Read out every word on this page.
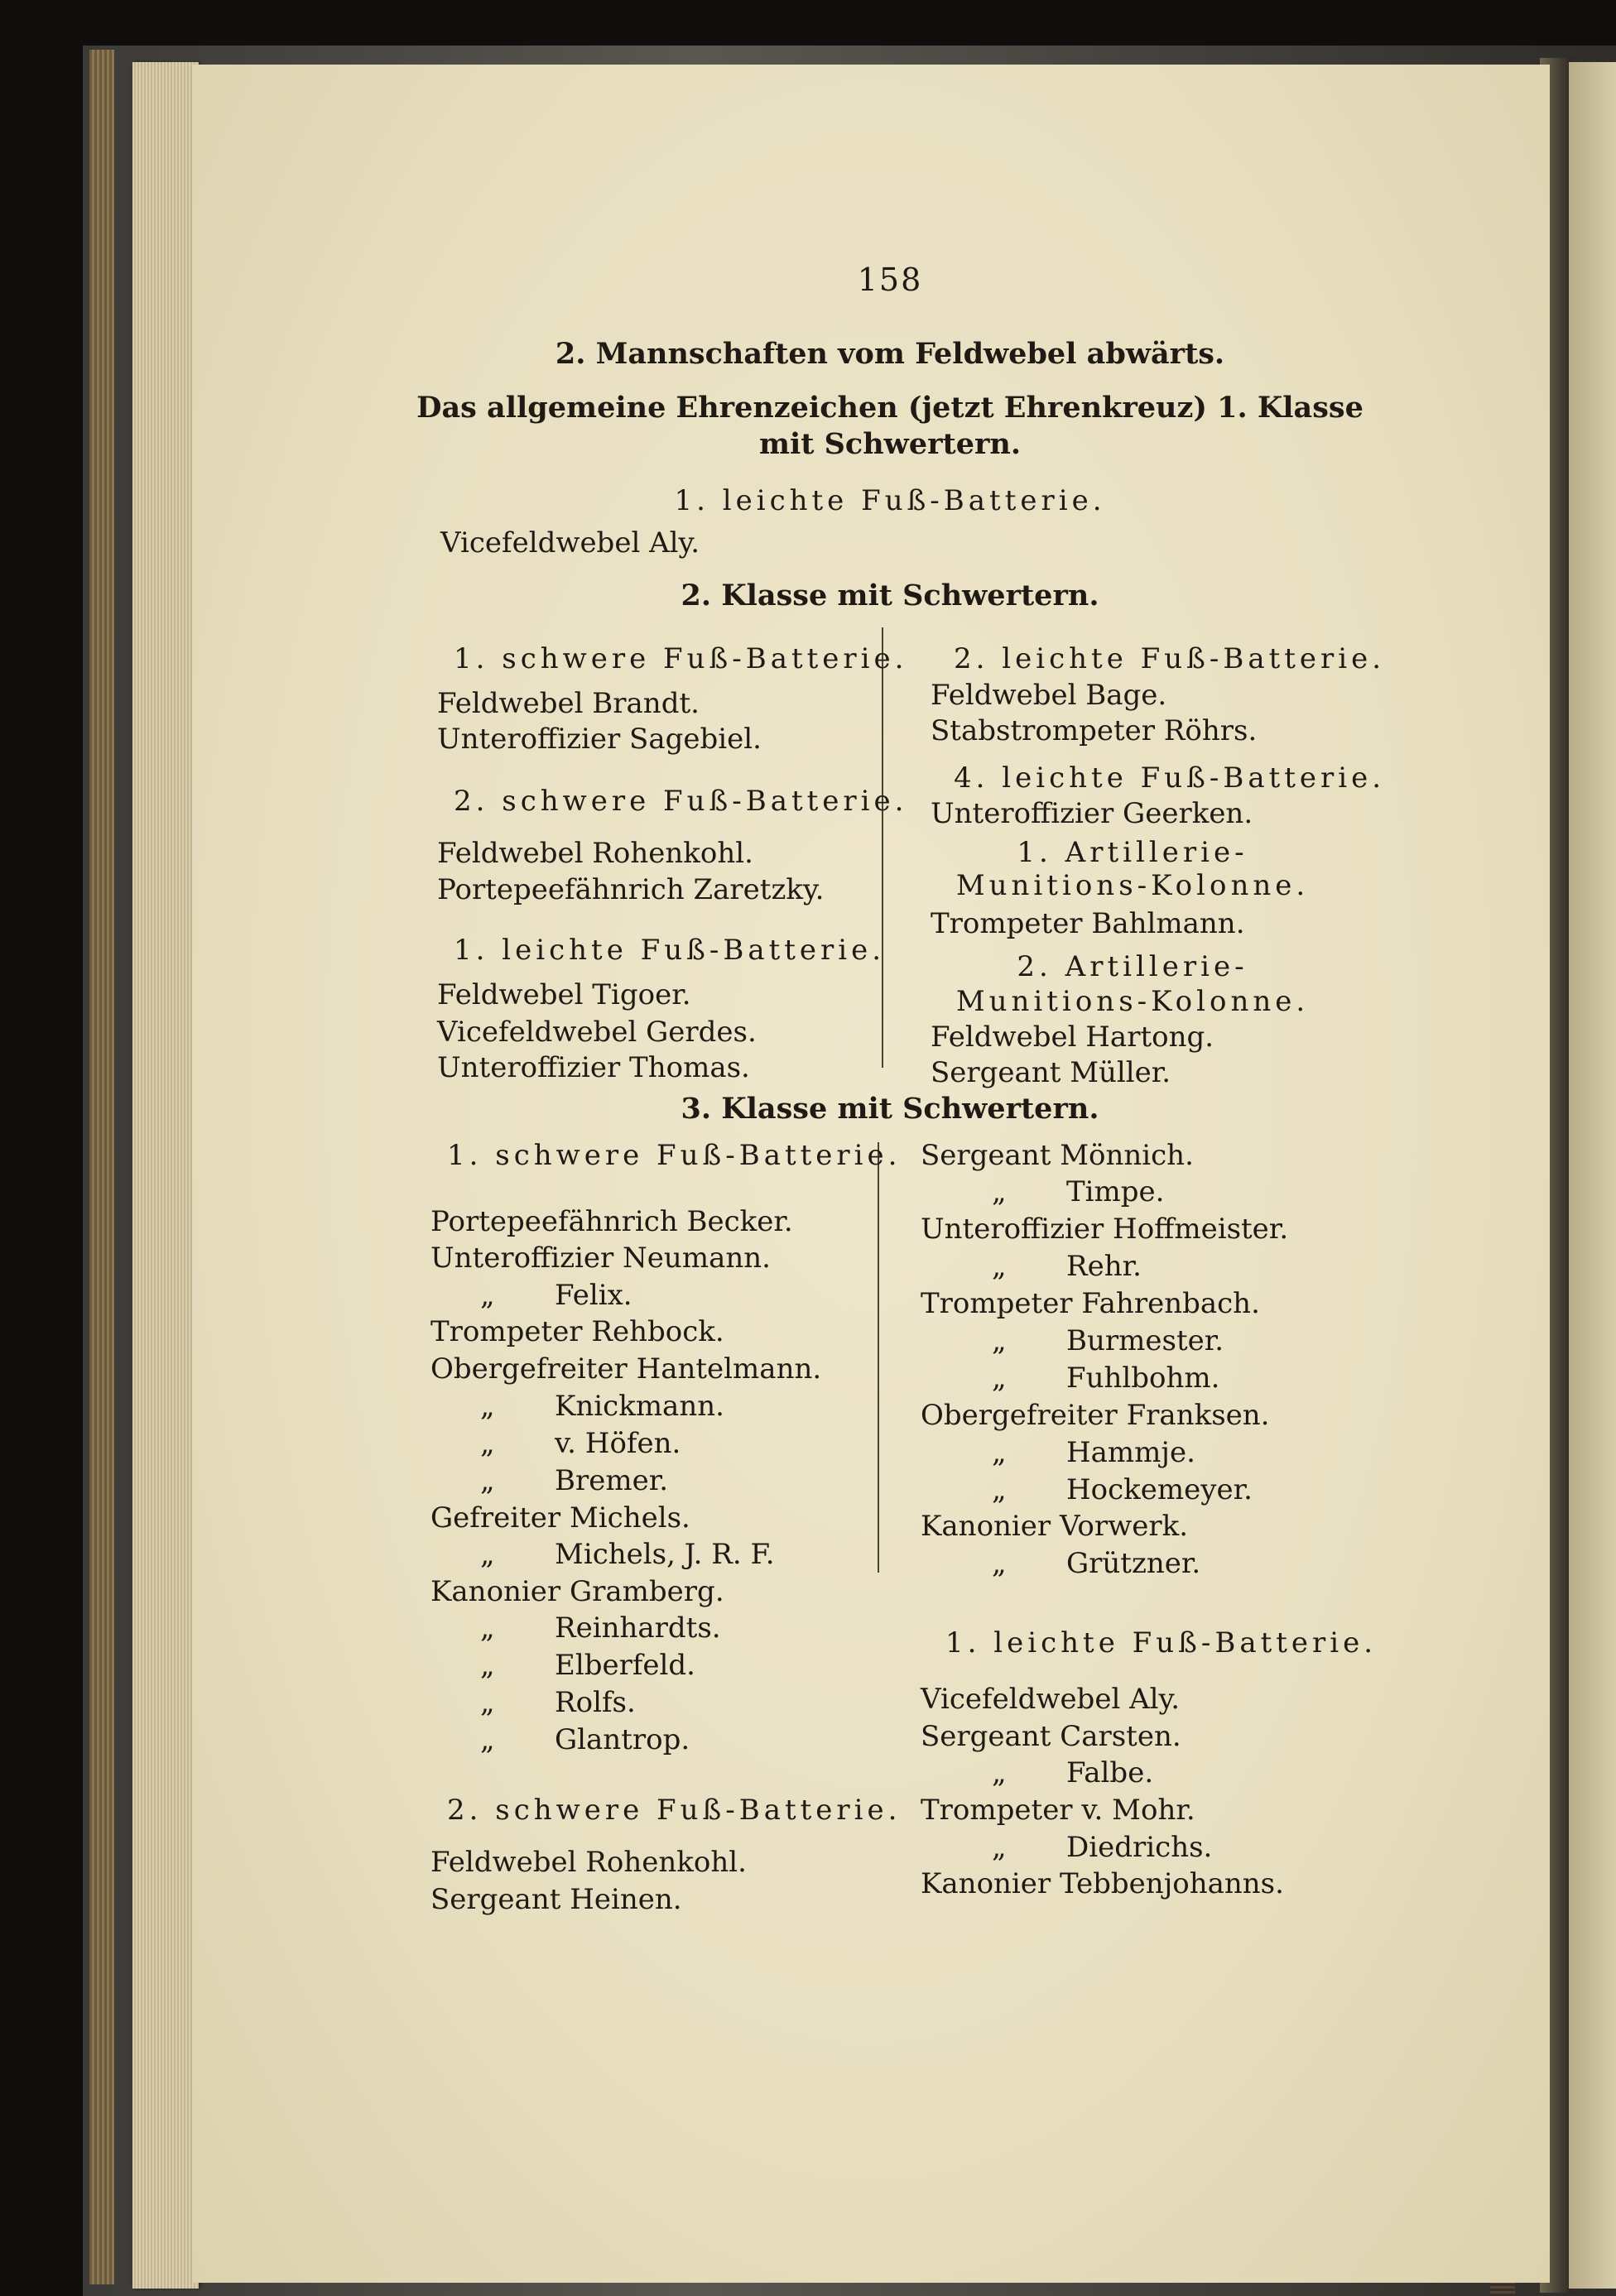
158
2. Mannschaften vom Feldwebel abwärts.
Das allgemeine Ehrenzeichen (jetzt Ehrenkreuz) 1. Klasse
mit Schwertern.
1. leichte Fuß-Batterie.
Vicefeldwebel Aly.
2. Klasse mit Schwertern.
3. Klasse mit Schwertern.
1. schwere Fuß-Batterie.
Feldwebel Brandt.
Unteroffizier Sagebiel.
2. schwere Fuß-Batterie.
Feldwebel Rohenkohl.
Portepeefähnrich Zaretzky.
1. leichte Fuß-Batterie.
Feldwebel Tigoer.
Vicefeldwebel Gerdes.
Unteroffizier Thomas.
2. leichte Fuß-Batterie.
Feldwebel Bage.
Stabstrompeter Röhrs.
4. leichte Fuß-Batterie.
Unteroffizier Geerken.
1. Artillerie-
Munitions-Kolonne.
Trompeter Bahlmann.
2. Artillerie-
Munitions-Kolonne.
Feldwebel Hartong.
Sergeant Müller.
1. schwere Fuß-Batterie.
Portepeefähnrich Becker.
Unteroffizier Neumann.
„ Felix.
Trompeter Rehbock.
Obergefreiter Hantelmann.
„ Knickmann.
„ v. Höfen.
„ Bremer.
Gefreiter Michels.
„ Michels, J. R. F.
Kanonier Gramberg.
„ Reinhardts.
„ Elberfeld.
„ Rolfs.
„ Glantrop.
2. schwere Fuß-Batterie.
Feldwebel Rohenkohl.
Sergeant Heinen.
Sergeant Mönnich.
„ Timpe.
Unteroffizier Hoffmeister.
„ Rehr.
Trompeter Fahrenbach.
„ Burmester.
„ Fuhlbohm.
Obergefreiter Franksen.
„ Hammje.
„ Hockemeyer.
Kanonier Vorwerk.
„ Grützner.
1. leichte Fuß-Batterie.
Vicefeldwebel Aly.
Sergeant Carsten.
„ Falbe.
Trompeter v. Mohr.
„ Diedrichs.
Kanonier Tebbenjohanns.
